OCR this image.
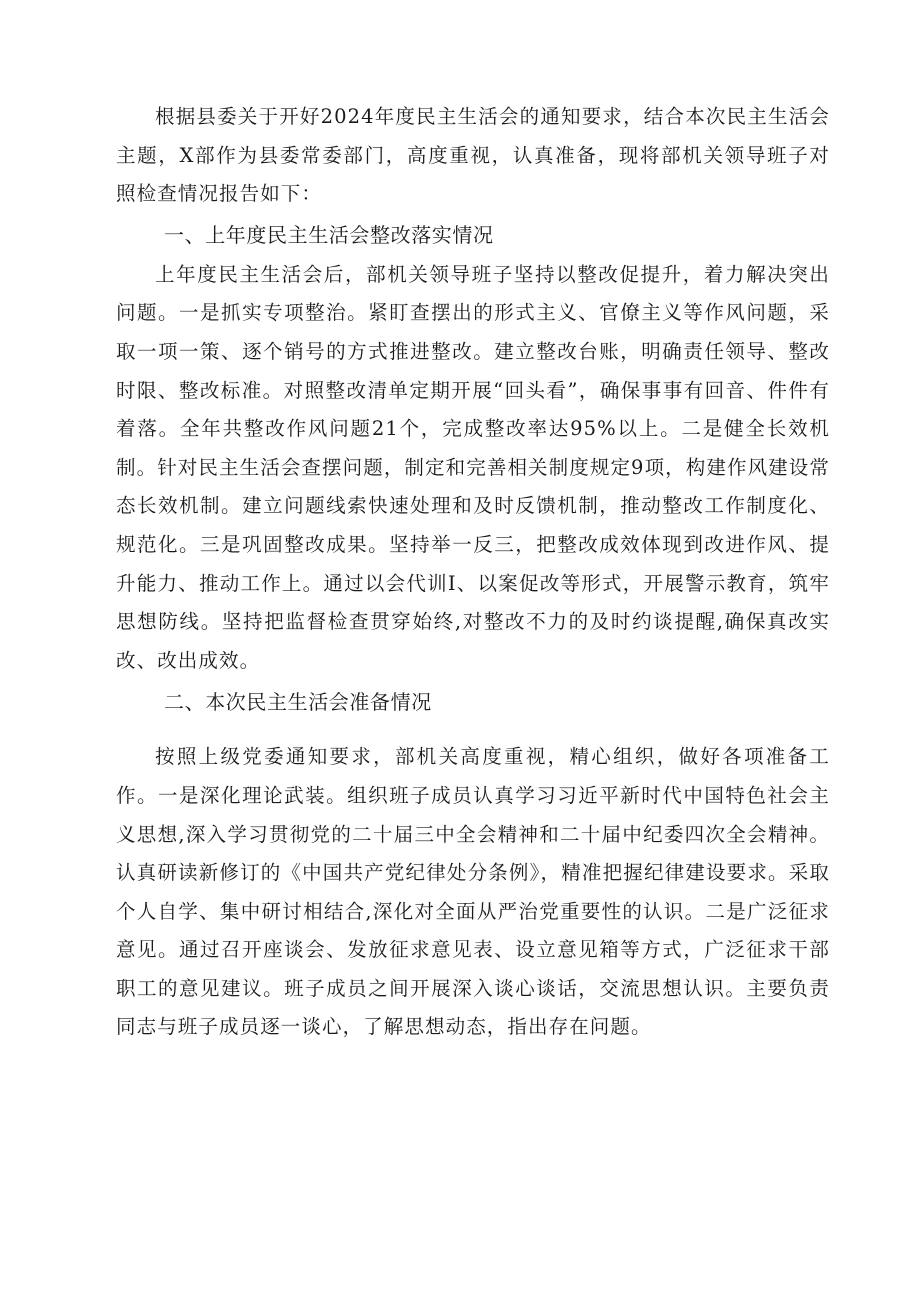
根据县委关于开好2024年度民主生活会的通知要求，结合本次民主生活会主题，X部作为县委常委部门，高度重视，认真准备，现将部机关领导班子对照检查情况报告如下：

一、上年度民主生活会整改落实情况

上年度民主生活会后，部机关领导班子坚持以整改促提升，着力解决突出问题。一是抓实专项整治。紧盯查摆出的形式主义、官僚主义等作风问题，采取一项一策、逐个销号的方式推进整改。建立整改台账，明确责任领导、整改时限、整改标准。对照整改清单定期开展“回头看”，确保事事有回音、件件有着落。全年共整改作风问题21个，完成整改率达95%以上。二是健全长效机制。针对民主生活会查摆问题，制定和完善相关制度规定9项，构建作风建设常态长效机制。建立问题线索快速处理和及时反馈机制，推动整改工作制度化、规范化。三是巩固整改成果。坚持举一反三，把整改成效体现到改进作风、提升能力、推动工作上。通过以会代训I、以案促改等形式，开展警示教育，筑牢思想防线。坚持把监督检查贯穿始终,对整改不力的及时约谈提醒,确保真改实改、改出成效。

二、本次民主生活会准备情况

按照上级党委通知要求，部机关高度重视，精心组织，做好各项准备工作。一是深化理论武装。组织班子成员认真学习习近平新时代中国特色社会主义思想,深入学习贯彻党的二十届三中全会精神和二十届中纪委四次全会精神。认真研读新修订的《中国共产党纪律处分条例》，精准把握纪律建设要求。采取个人自学、集中研讨相结合,深化对全面从严治党重要性的认识。二是广泛征求意见。通过召开座谈会、发放征求意见表、设立意见箱等方式，广泛征求干部职工的意见建议。班子成员之间开展深入谈心谈话，交流思想认识。主要负责同志与班子成员逐一谈心，了解思想动态，指出存在问题。
